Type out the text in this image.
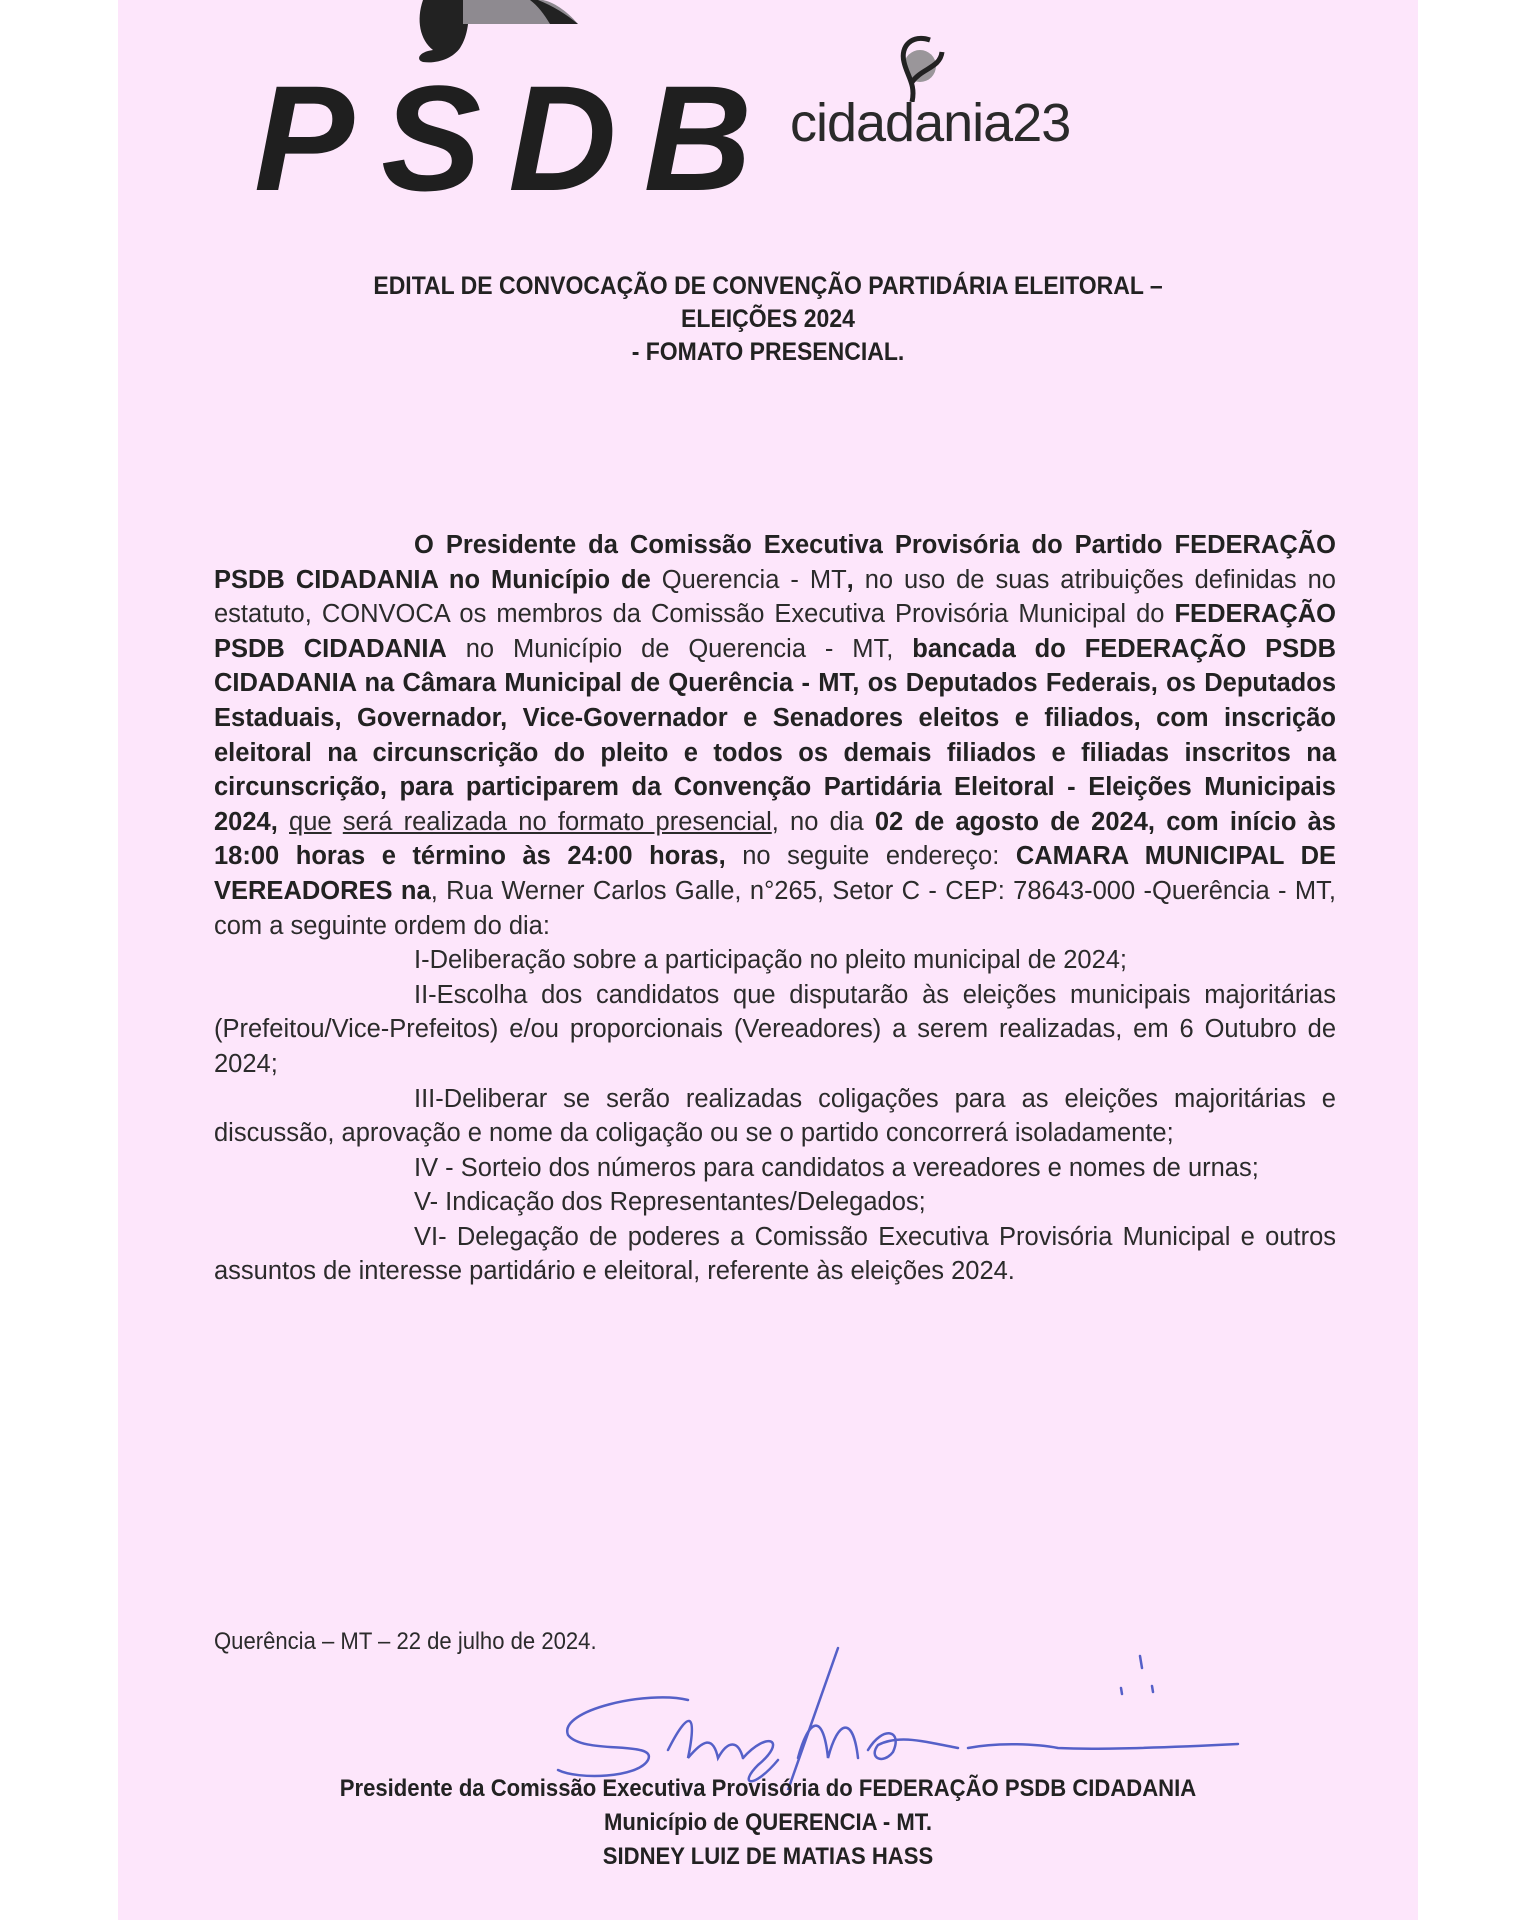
PSDB cidadania23
EDITAL DE CONVOCAÇÃO DE CONVENÇÃO PARTIDÁRIA ELEITORAL –
ELEIÇÕES 2024
- FOMATO PRESENCIAL.

O Presidente da Comissão Executiva Provisória do Partido FEDERAÇÃO PSDB CIDADANIA no Município de Querencia - MT, no uso de suas atribuições definidas no estatuto, CONVOCA os membros da Comissão Executiva Provisória Municipal do FEDERAÇÃO PSDB CIDADANIA no Município de Querencia - MT, bancada do FEDERAÇÃO PSDB CIDADANIA na Câmara Municipal de Querência - MT, os Deputados Federais, os Deputados Estaduais, Governador, Vice-Governador e Senadores eleitos e filiados, com inscrição eleitoral na circunscrição do pleito e todos os demais filiados e filiadas inscritos na circunscrição, para participarem da Convenção Partidária Eleitoral - Eleições Municipais 2024, que será realizada no formato presencial, no dia 02 de agosto de 2024, com início às 18:00 horas e término às 24:00 horas, no seguite endereço: CAMARA MUNICIPAL DE VEREADORES na, Rua Werner Carlos Galle, n°265, Setor C - CEP: 78643-000 -Querência - MT, com a seguinte ordem do dia:

I-Deliberação sobre a participação no pleito municipal de 2024;

II-Escolha dos candidatos que disputarão às eleições municipais majoritárias (Prefeitou/Vice-Prefeitos) e/ou proporcionais (Vereadores) a serem realizadas, em 6 Outubro de 2024;

III-Deliberar se serão realizadas coligações para as eleições majoritárias e discussão, aprovação e nome da coligação ou se o partido concorrerá isoladamente;

IV - Sorteio dos números para candidatos a vereadores e nomes de urnas;

V- Indicação dos Representantes/Delegados;

VI- Delegação de poderes a Comissão Executiva Provisória Municipal e outros assuntos de interesse partidário e eleitoral, referente às eleições 2024.

Querência – MT – 22 de julho de 2024.
Presidente da Comissão Executiva Provisória do FEDERAÇÃO PSDB CIDADANIA
Município de QUERENCIA - MT.
SIDNEY LUIZ DE MATIAS HASS
